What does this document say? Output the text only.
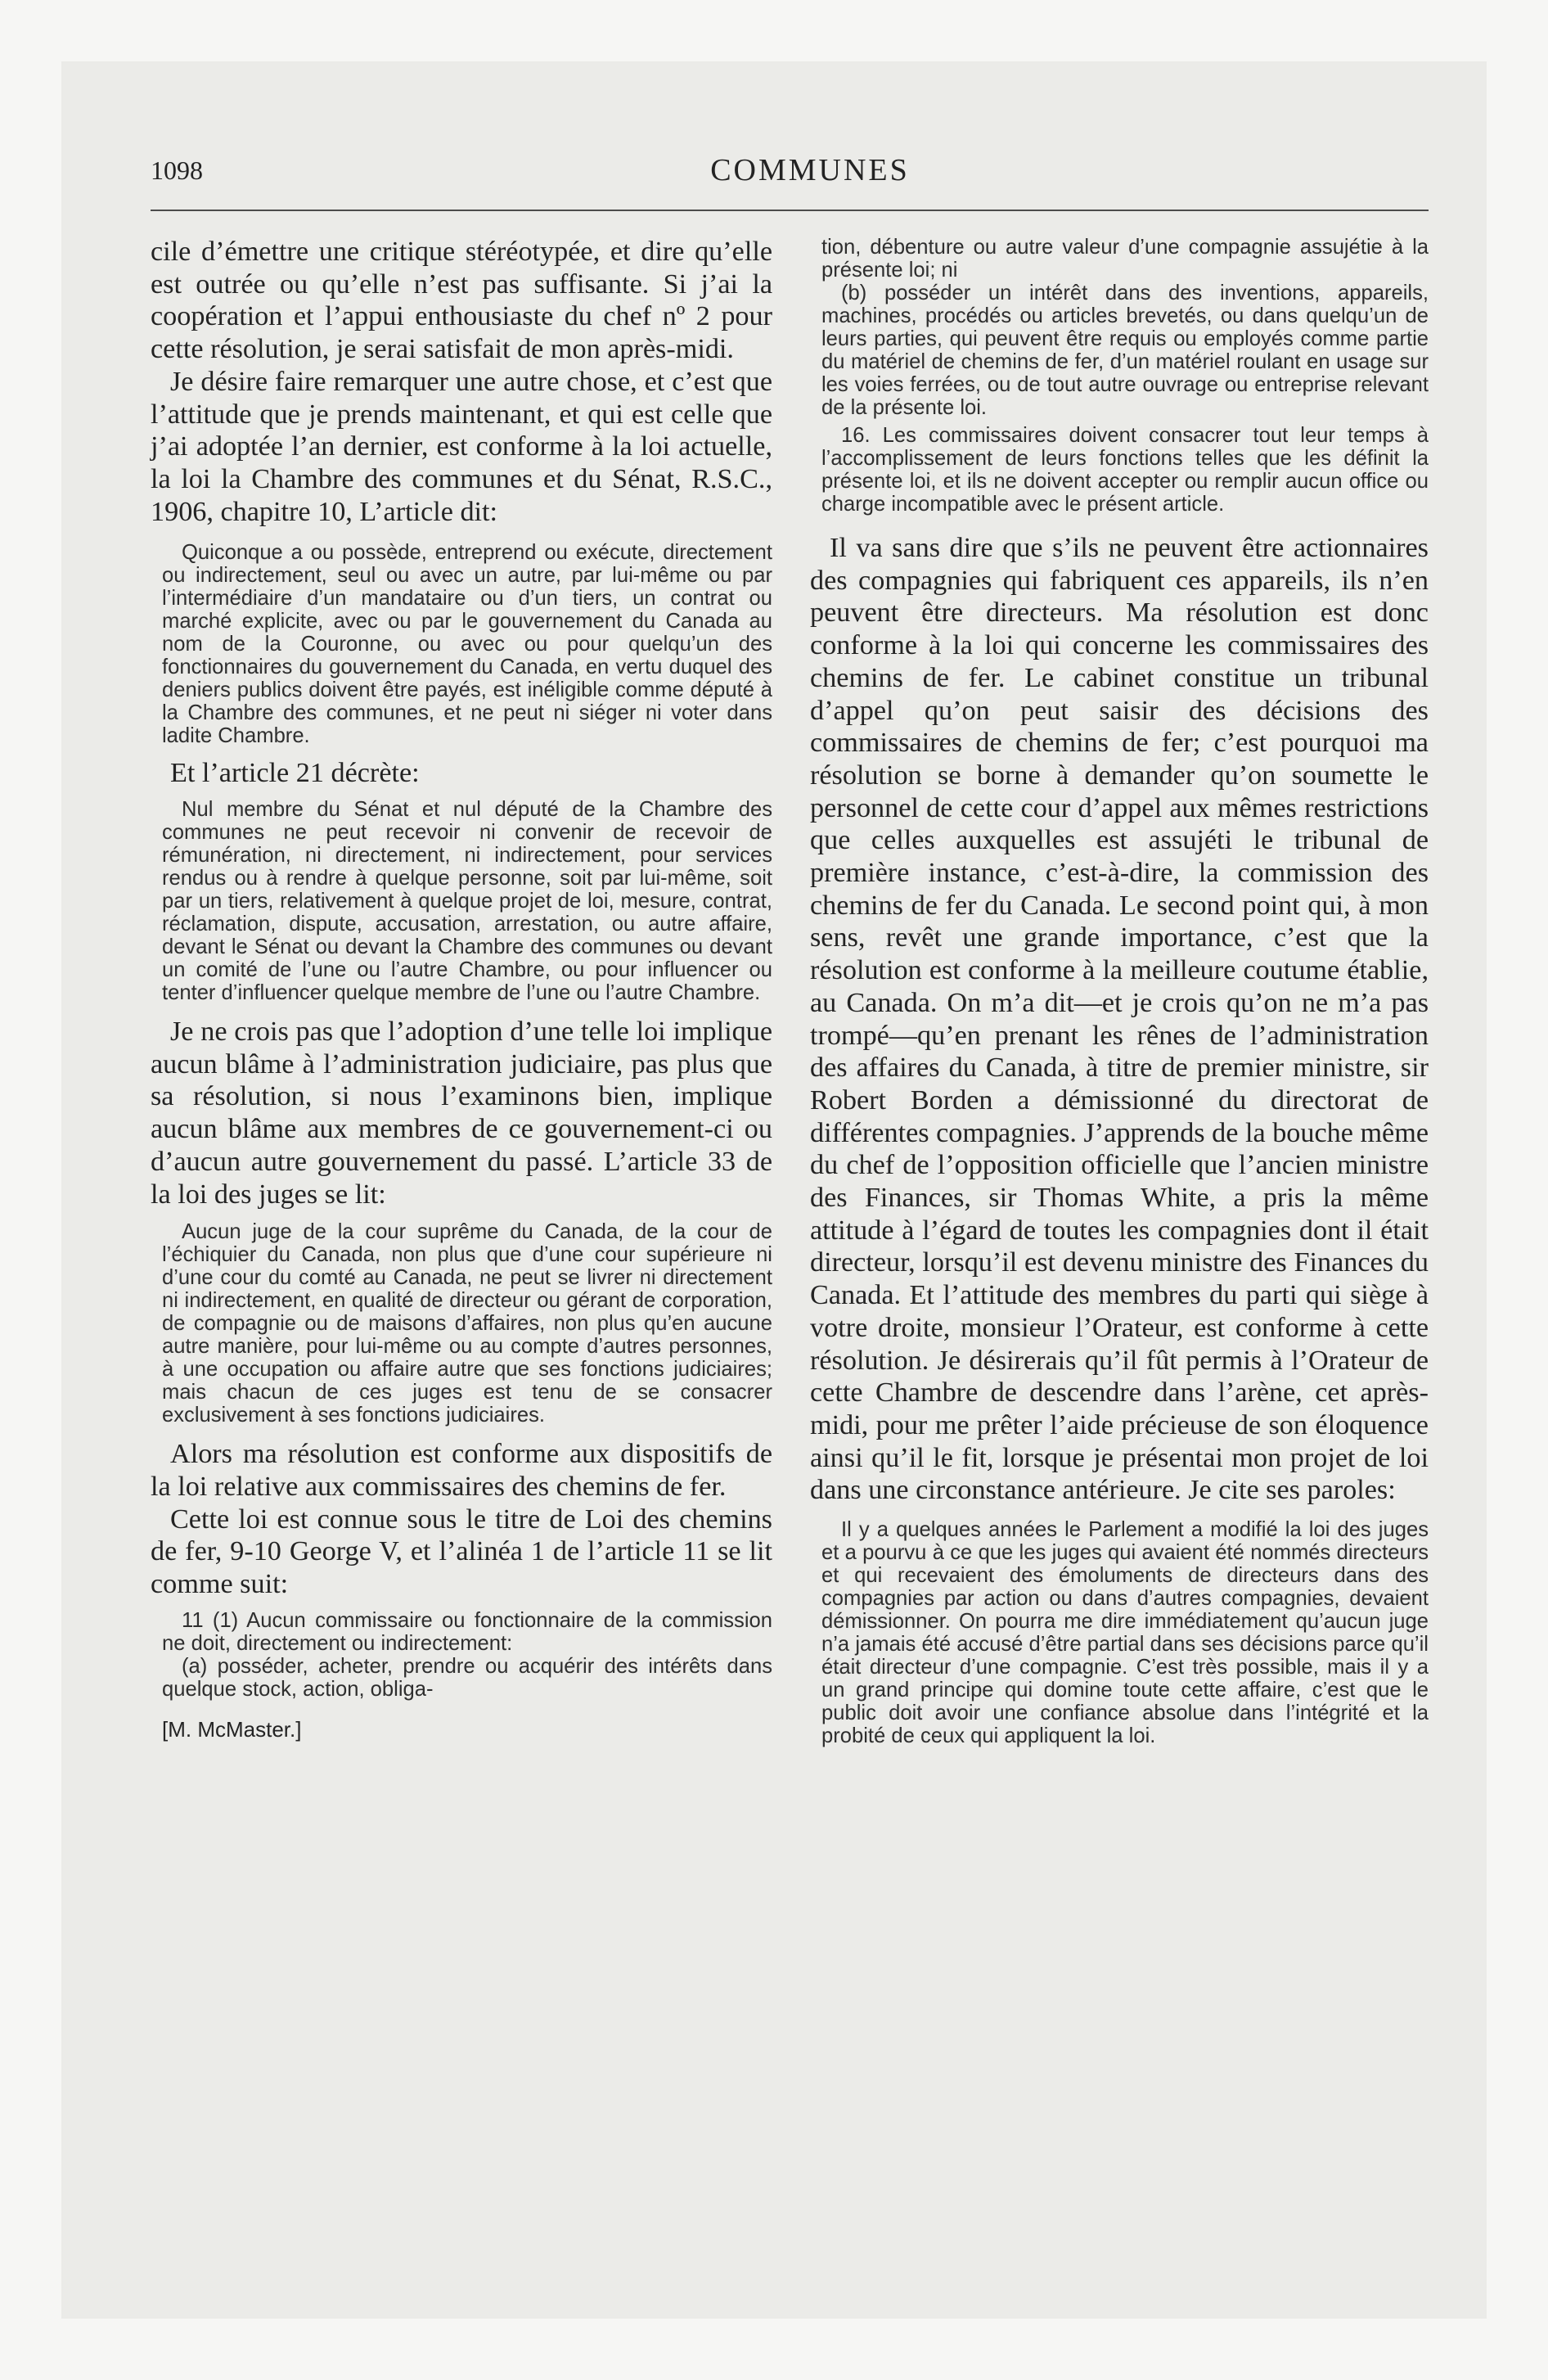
1098	COMMUNES

cile d’émettre une critique stéréotypée, et dire qu’elle est outrée ou qu’elle n’est pas suffisante. Si j’ai la coopération et l’appui enthousiaste du chef nº 2 pour cette résolution, je serai satisfait de mon après-midi.

Je désire faire remarquer une autre chose, et c’est que l’attitude que je prends maintenant, et qui est celle que j’ai adoptée l’an dernier, est conforme à la loi actuelle, la loi la Chambre des communes et du Sénat, R.S.C., 1906, chapitre 10, L’article dit:

Quiconque a ou possède, entreprend ou exécute, directement ou indirectement, seul ou avec un autre, par lui-même ou par l’intermédiaire d’un mandataire ou d’un tiers, un contrat ou marché explicite, avec ou par le gouvernement du Canada au nom de la Couronne, ou avec ou pour quelqu’un des fonctionnaires du gouvernement du Canada, en vertu duquel des deniers publics doivent être payés, est inéligible comme député à la Chambre des communes, et ne peut ni siéger ni voter dans ladite Chambre.

Et l’article 21 décrète:

Nul membre du Sénat et nul député de la Chambre des communes ne peut recevoir ni convenir de recevoir de rémunération, ni directement, ni indirectement, pour services rendus ou à rendre à quelque personne, soit par lui-même, soit par un tiers, relativement à quelque projet de loi, mesure, contrat, réclamation, dispute, accusation, arrestation, ou autre affaire, devant le Sénat ou devant la Chambre des communes ou devant un comité de l’une ou l’autre Chambre, ou pour influencer ou tenter d’influencer quelque membre de l’une ou l’autre Chambre.

Je ne crois pas que l’adoption d’une telle loi implique aucun blâme à l’administration judiciaire, pas plus que sa résolution, si nous l’examinons bien, implique aucun blâme aux membres de ce gouvernement-ci ou d’aucun autre gouvernement du passé. L’article 33 de la loi des juges se lit:

Aucun juge de la cour suprême du Canada, de la cour de l’échiquier du Canada, non plus que d’une cour supérieure ni d’une cour du comté au Canada, ne peut se livrer ni directement ni indirectement, en qualité de directeur ou gérant de corporation, de compagnie ou de maisons d’affaires, non plus qu’en aucune autre manière, pour lui-même ou au compte d’autres personnes, à une occupation ou affaire autre que ses fonctions judiciaires; mais chacun de ces juges est tenu de se consacrer exclusivement à ses fonctions judiciaires.

Alors ma résolution est conforme aux dispositifs de la loi relative aux commissaires des chemins de fer.

Cette loi est connue sous le titre de Loi des chemins de fer, 9-10 George V, et l’alinéa 1 de l’article 11 se lit comme suit:

11 (1) Aucun commissaire ou fonctionnaire de la commission ne doit, directement ou indirectement:

(a) posséder, acheter, prendre ou acquérir des intérêts dans quelque stock, action, obliga-

[M. McMaster.]

tion, débenture ou autre valeur d’une compagnie assujétie à la présente loi; ni

(b) posséder un intérêt dans des inventions, appareils, machines, procédés ou articles brevetés, ou dans quelqu’un de leurs parties, qui peuvent être requis ou employés comme partie du matériel de chemins de fer, d’un matériel roulant en usage sur les voies ferrées, ou de tout autre ouvrage ou entreprise relevant de la présente loi.

16. Les commissaires doivent consacrer tout leur temps à l’accomplissement de leurs fonctions telles que les définit la présente loi, et ils ne doivent accepter ou remplir aucun office ou charge incompatible avec le présent article.

Il va sans dire que s’ils ne peuvent être actionnaires des compagnies qui fabriquent ces appareils, ils n’en peuvent être directeurs. Ma résolution est donc conforme à la loi qui concerne les commissaires des chemins de fer. Le cabinet constitue un tribunal d’appel qu’on peut saisir des décisions des commissaires de chemins de fer; c’est pourquoi ma résolution se borne à demander qu’on soumette le personnel de cette cour d’appel aux mêmes restrictions que celles auxquelles est assujéti le tribunal de première instance, c’est-à-dire, la commission des chemins de fer du Canada. Le second point qui, à mon sens, revêt une grande importance, c’est que la résolution est conforme à la meilleure coutume établie, au Canada. On m’a dit—et je crois qu’on ne m’a pas trompé—qu’en prenant les rênes de l’administration des affaires du Canada, à titre de premier ministre, sir Robert Borden a démissionné du directorat de différentes compagnies. J’apprends de la bouche même du chef de l’opposition officielle que l’ancien ministre des Finances, sir Thomas White, a pris la même attitude à l’égard de toutes les compagnies dont il était directeur, lorsqu’il est devenu ministre des Finances du Canada. Et l’attitude des membres du parti qui siège à votre droite, monsieur l’Orateur, est conforme à cette résolution. Je désirerais qu’il fût permis à l’Orateur de cette Chambre de descendre dans l’arène, cet après-midi, pour me prêter l’aide précieuse de son éloquence ainsi qu’il le fit, lorsque je présentai mon projet de loi dans une circonstance antérieure. Je cite ses paroles:

Il y a quelques années le Parlement a modifié la loi des juges et a pourvu à ce que les juges qui avaient été nommés directeurs et qui recevaient des émoluments de directeurs dans des compagnies par action ou dans d’autres compagnies, devaient démissionner. On pourra me dire immédiatement qu’aucun juge n’a jamais été accusé d’être partial dans ses décisions parce qu’il était directeur d’une compagnie. C’est très possible, mais il y a un grand principe qui domine toute cette affaire, c’est que le public doit avoir une confiance absolue dans l’intégrité et la probité de ceux qui appliquent la loi.
